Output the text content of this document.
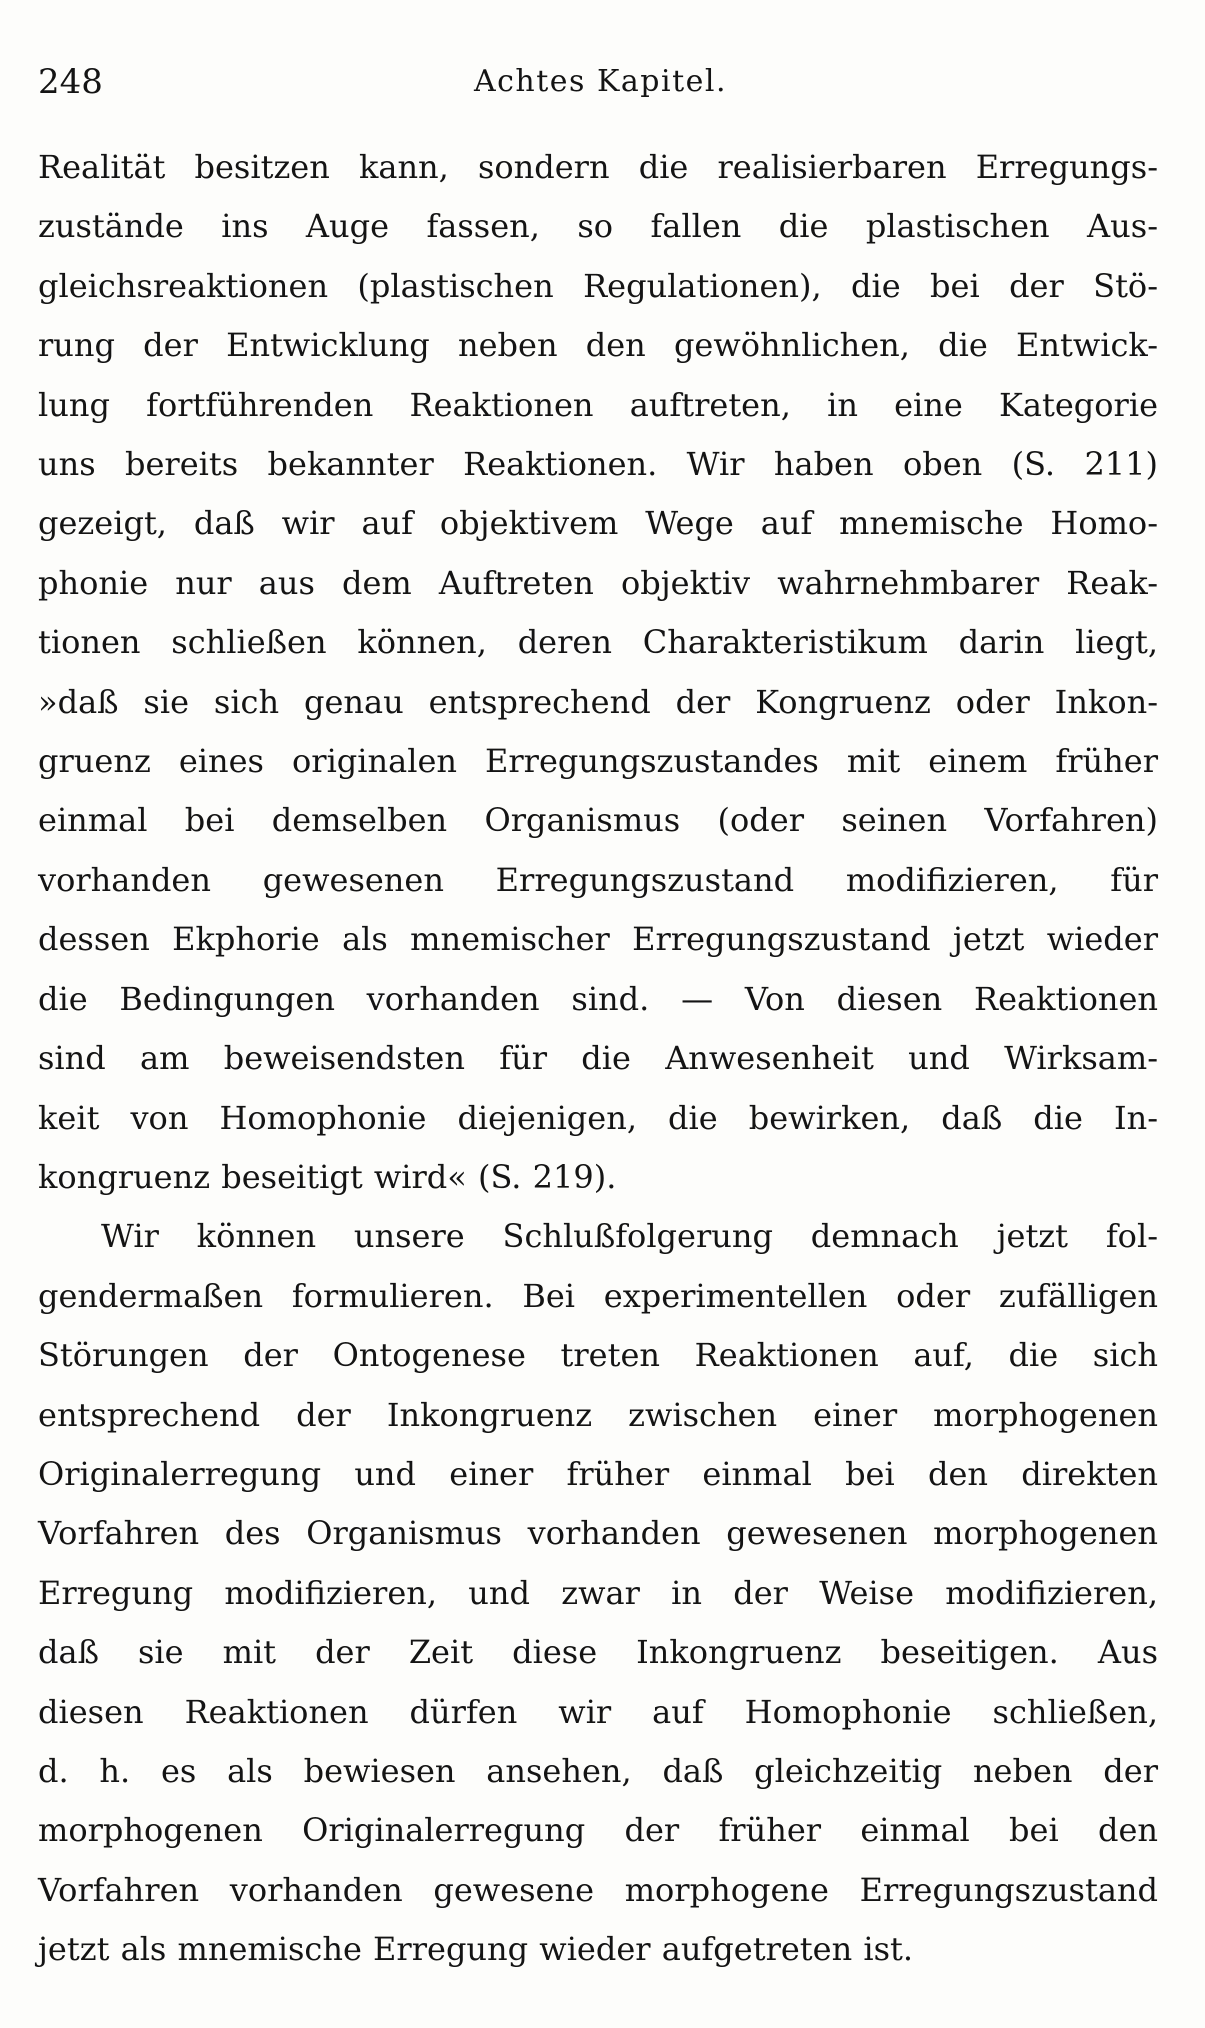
248	Achtes Kapitel.

Realität besitzen kann, sondern die realisierbaren Erregungs-
zustände ins Auge fassen, so fallen die plastischen Aus-
gleichsreaktionen (plastischen Regulationen), die bei der Stö-
rung der Entwicklung neben den gewöhnlichen, die Entwick-
lung fortführenden Reaktionen auftreten, in eine Kategorie
uns bereits bekannter Reaktionen. Wir haben oben (S. 211)
gezeigt, daß wir auf objektivem Wege auf mnemische Homo-
phonie nur aus dem Auftreten objektiv wahrnehmbarer Reak-
tionen schließen können, deren Charakteristikum darin liegt,
»daß sie sich genau entsprechend der Kongruenz oder Inkon-
gruenz eines originalen Erregungszustandes mit einem früher
einmal bei demselben Organismus (oder seinen Vorfahren)
vorhanden gewesenen Erregungszustand modifizieren, für
dessen Ekphorie als mnemischer Erregungszustand jetzt wieder
die Bedingungen vorhanden sind. — Von diesen Reaktionen
sind am beweisendsten für die Anwesenheit und Wirksam-
keit von Homophonie diejenigen, die bewirken, daß die In-
kongruenz beseitigt wird« (S. 219).

Wir können unsere Schlußfolgerung demnach jetzt fol-
gendermaßen formulieren. Bei experimentellen oder zufälligen
Störungen der Ontogenese treten Reaktionen auf, die sich
entsprechend der Inkongruenz zwischen einer morphogenen
Originalerregung und einer früher einmal bei den direkten
Vorfahren des Organismus vorhanden gewesenen morphogenen
Erregung modifizieren, und zwar in der Weise modifizieren,
daß sie mit der Zeit diese Inkongruenz beseitigen. Aus
diesen Reaktionen dürfen wir auf Homophonie schließen,
d. h. es als bewiesen ansehen, daß gleichzeitig neben der
morphogenen Originalerregung der früher einmal bei den
Vorfahren vorhanden gewesene morphogene Erregungszustand
jetzt als mnemische Erregung wieder aufgetreten ist.
